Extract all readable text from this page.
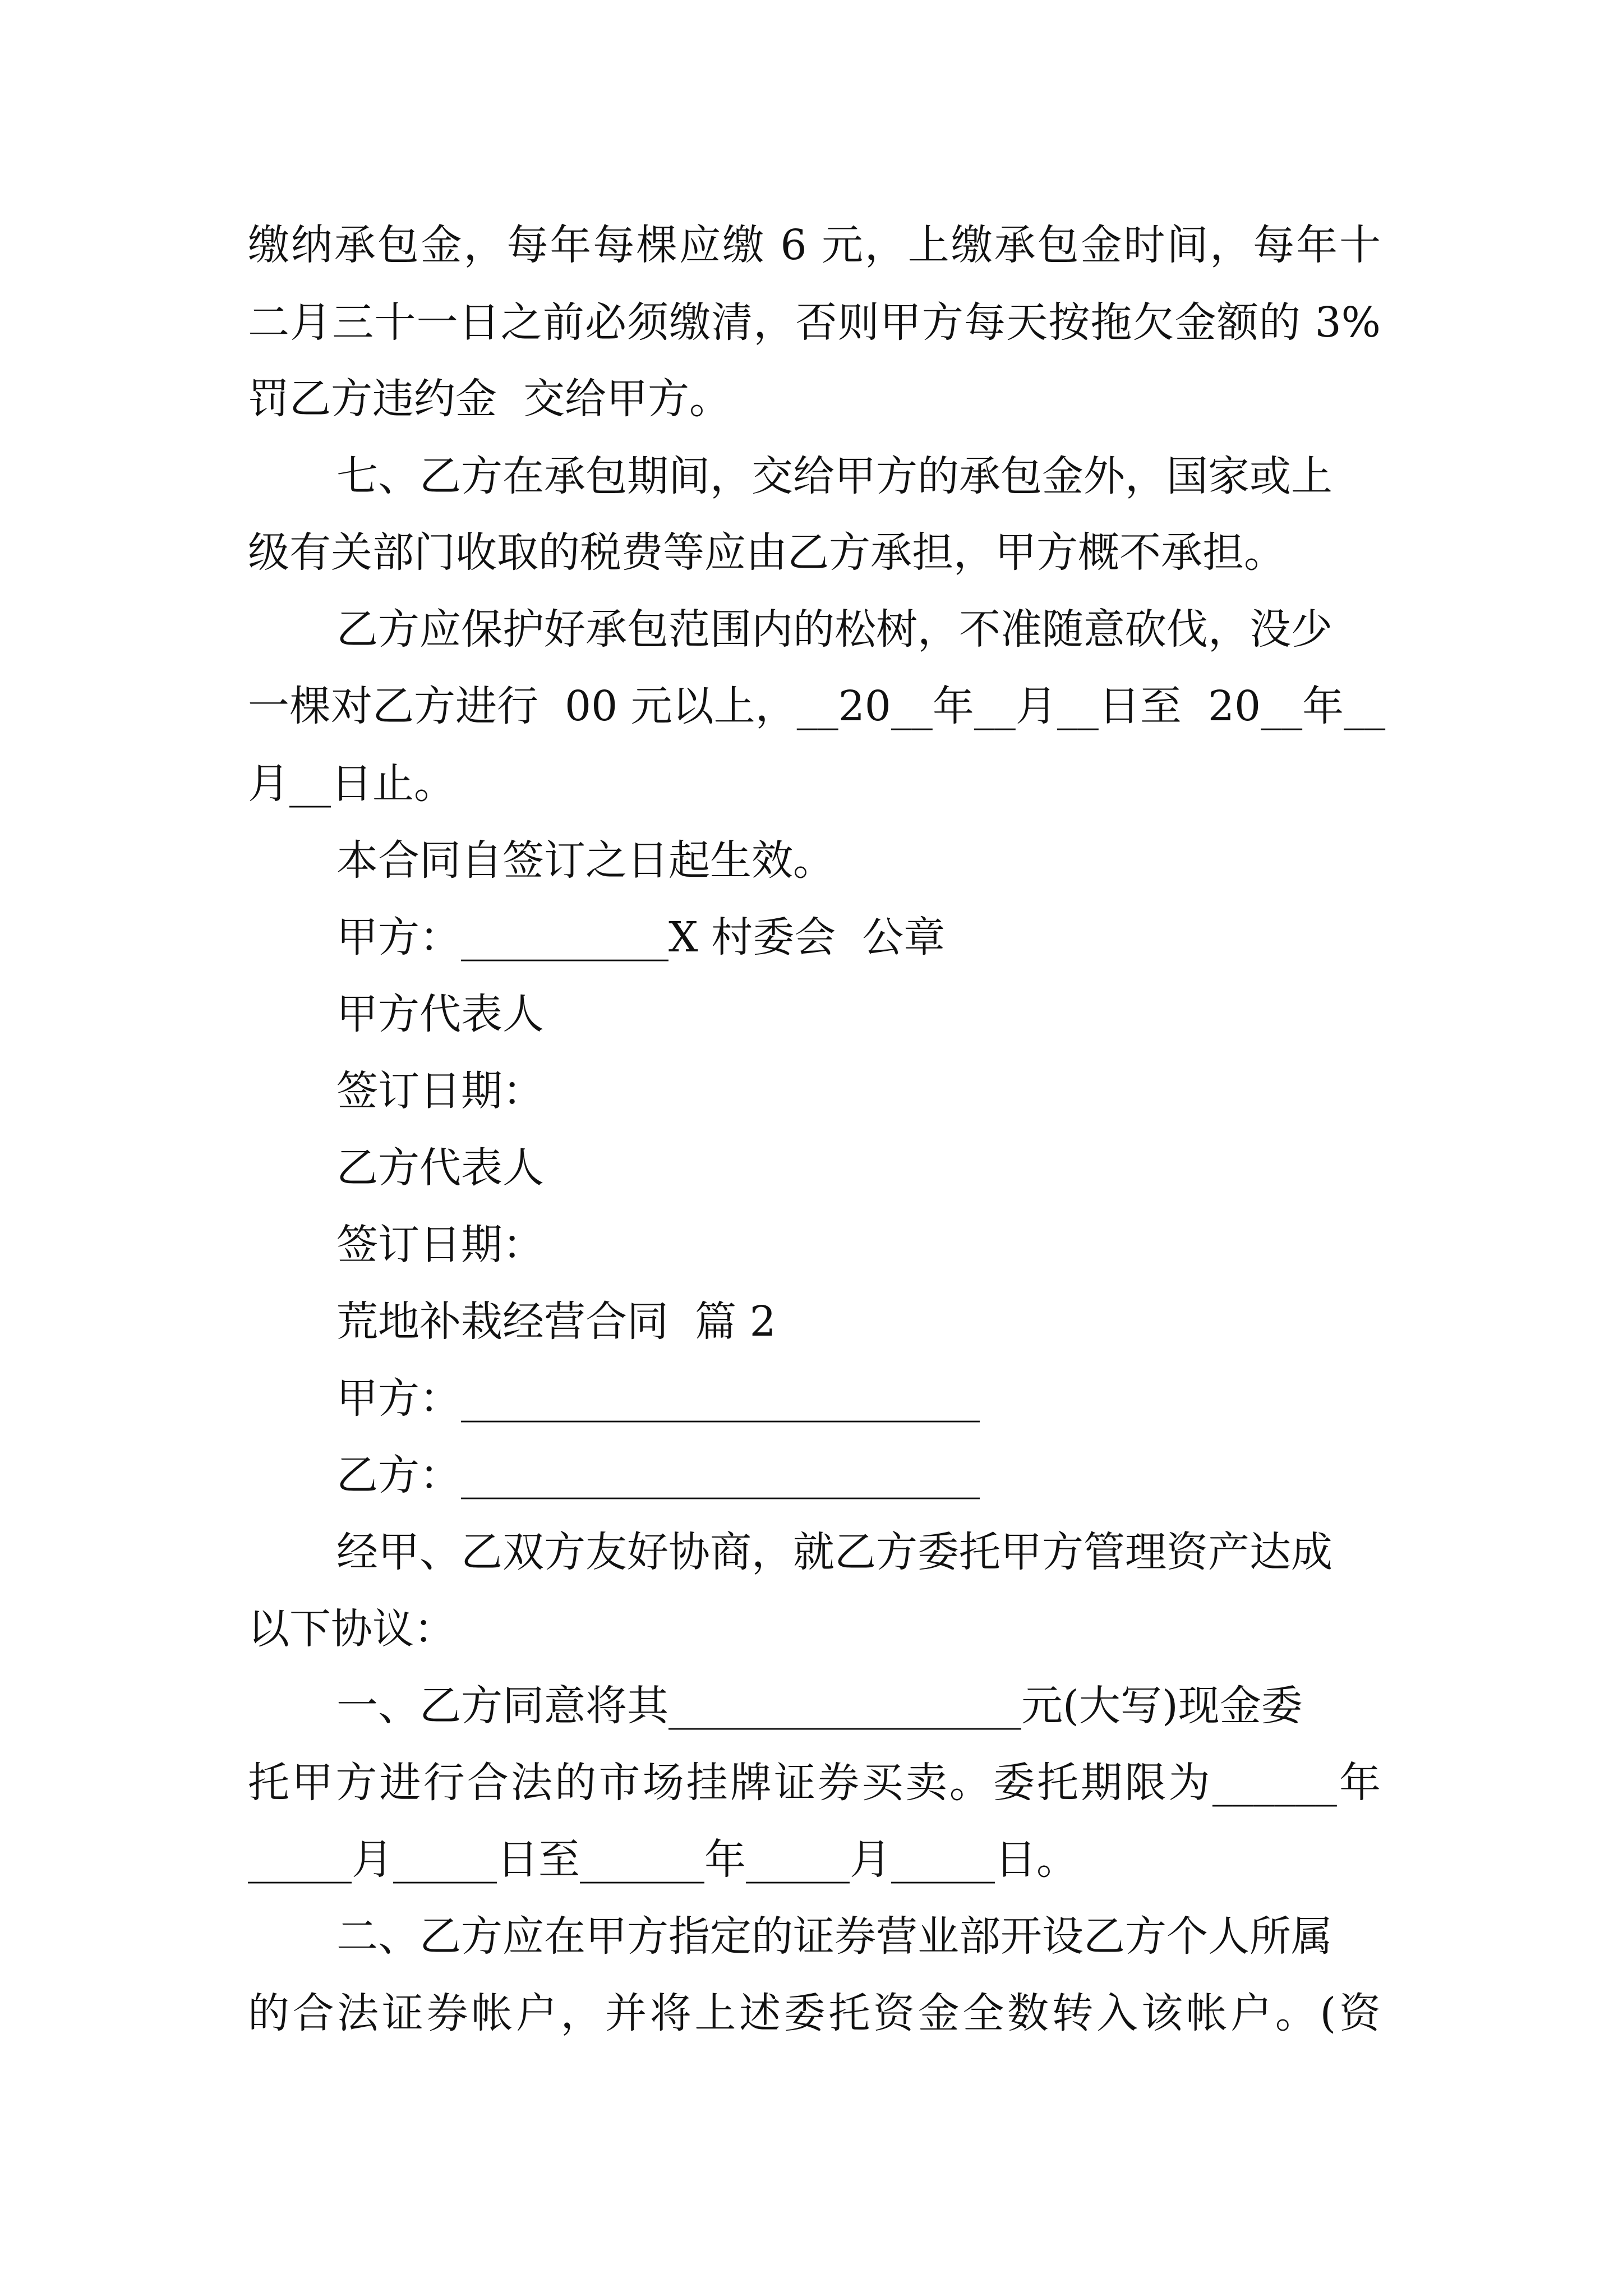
缴纳承包金，每年每棵应缴 6 元，上缴承包金时间，每年十

二月三十一日之前必须缴清，否则甲方每天按拖欠金额的 3%

罚乙方违约金  交给甲方。

七、乙方在承包期间，交给甲方的承包金外，国家或上

级有关部门收取的税费等应由乙方承担，甲方概不承担。

乙方应保护好承包范围内的松树，不准随意砍伐，没少

一棵对乙方进行  00 元以上，__20__年__月__日至  20__年__

月__日止。

本合同自签订之日起生效。

甲方：__________X 村委会  公章

甲方代表人

签订日期：

乙方代表人

签订日期：

荒地补栽经营合同  篇 2

甲方：_________________________

乙方：_________________________

经甲、乙双方友好协商，就乙方委托甲方管理资产达成

以下协议：

一、乙方同意将其_________________元(大写)现金委

托甲方进行合法的市场挂牌证券买卖。委托期限为______年

_____月_____日至______年_____月_____日。

二、乙方应在甲方指定的证券营业部开设乙方个人所属

的合法证券帐户，并将上述委托资金全数转入该帐户。(资
